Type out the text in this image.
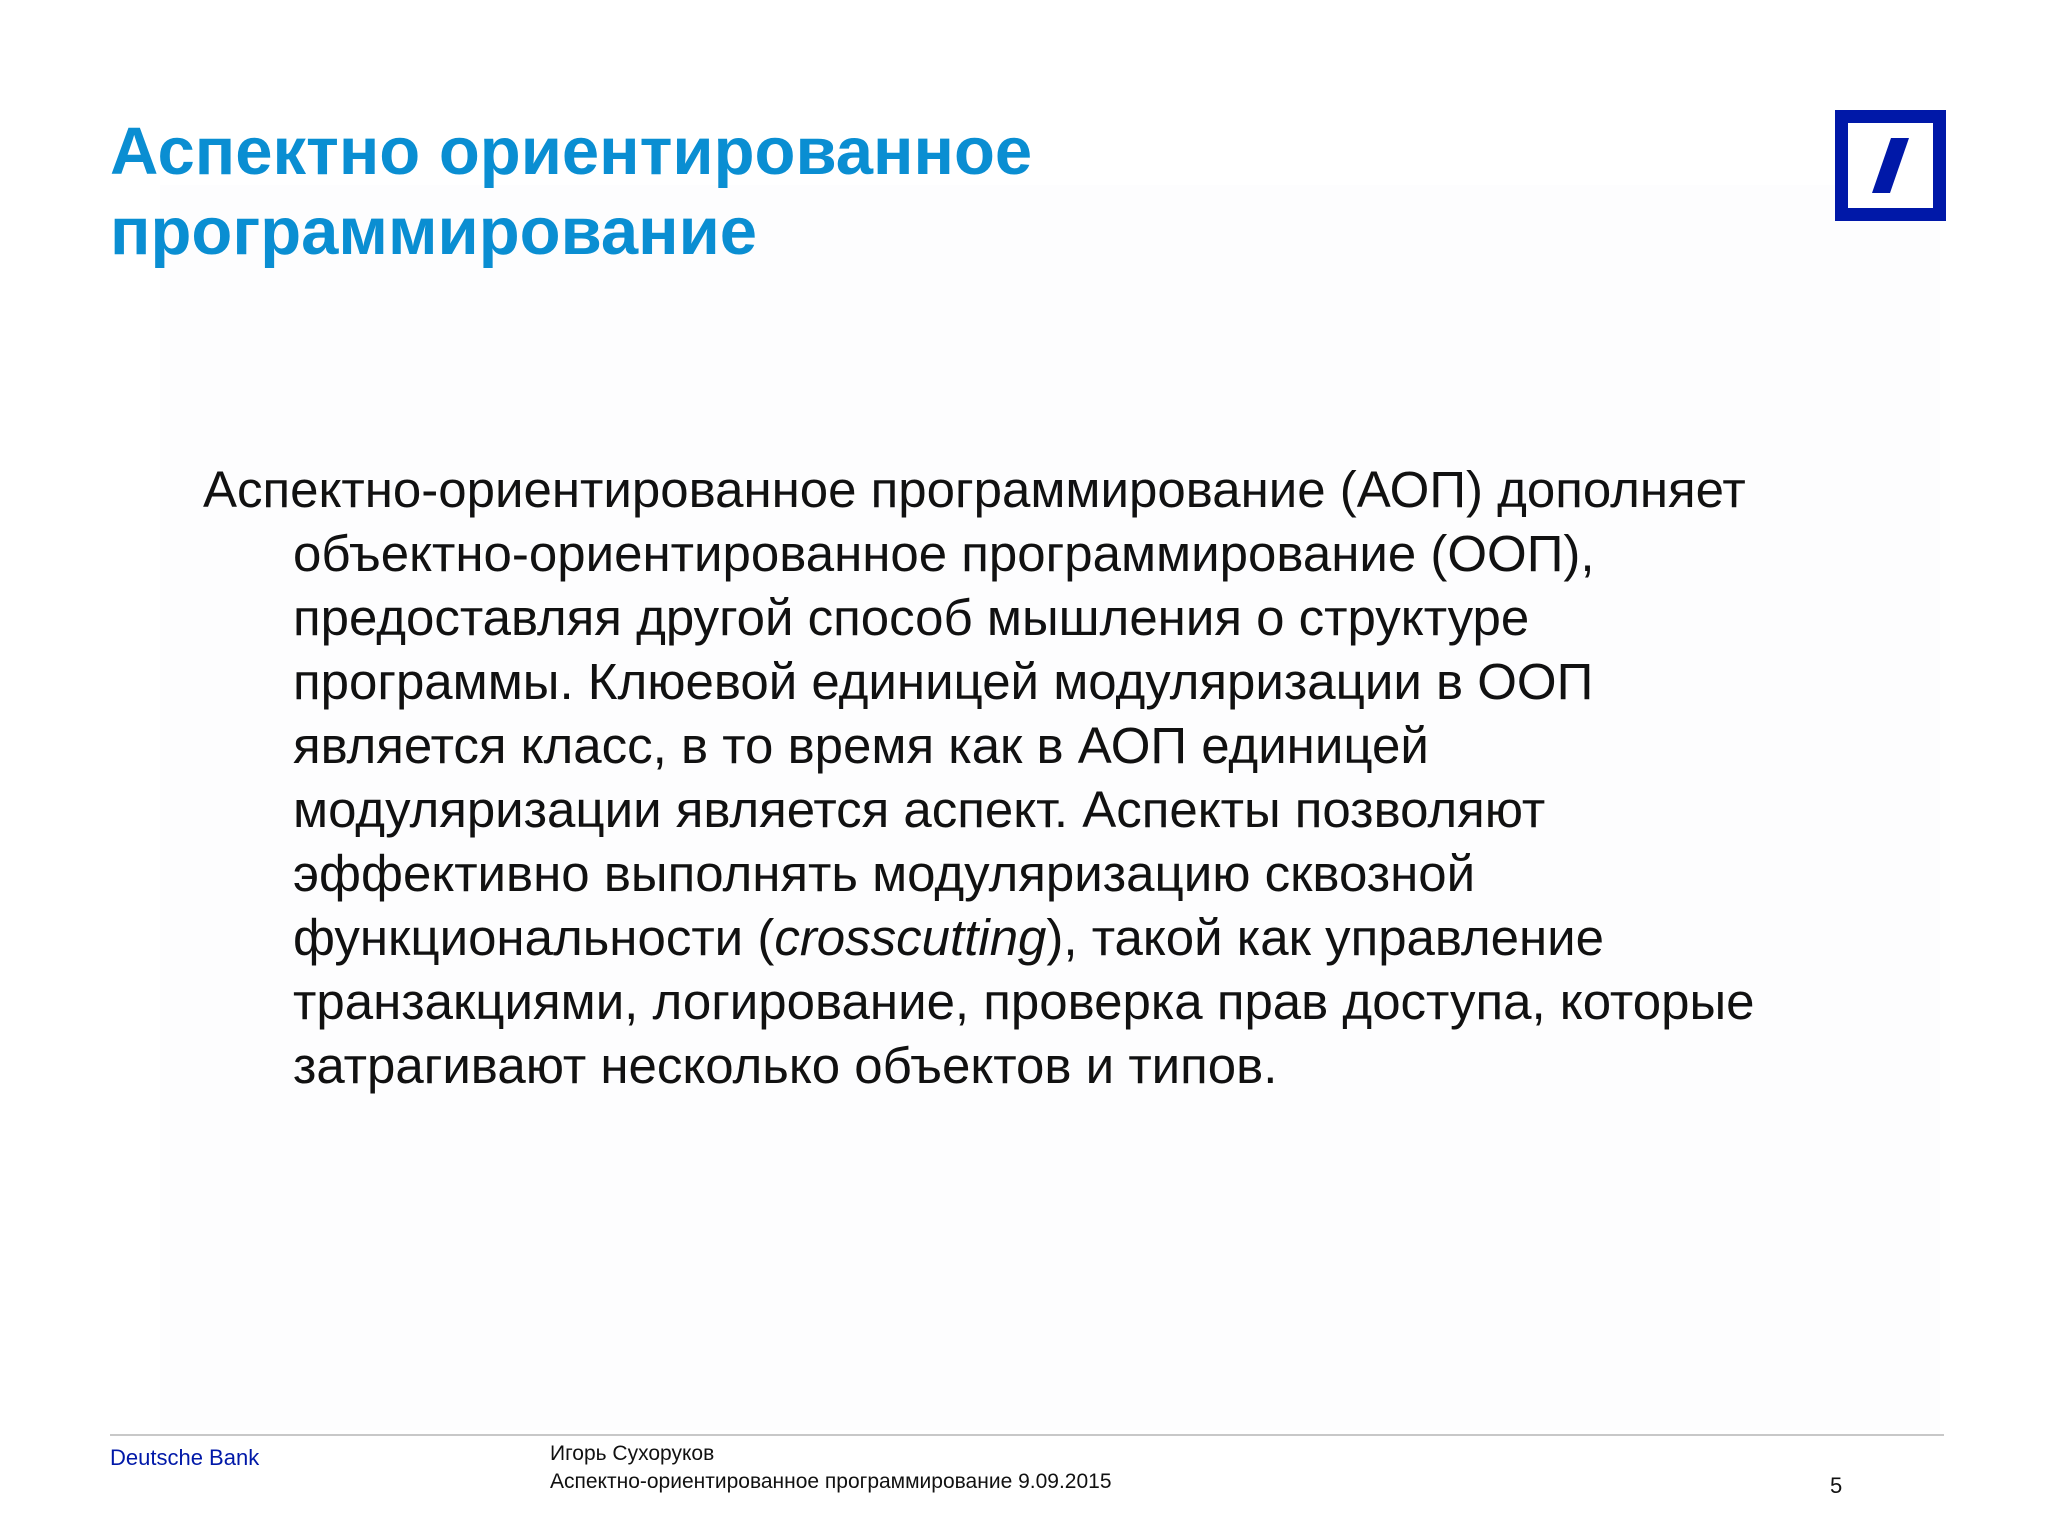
Аспектно ориентированное
программирование

Аспектно-ориентированное программирование (АОП) дополняет
объектно-ориентированное программирование (ООП),
предоставляя другой способ мышления о структуре
программы. Клюевой единицей модуляризации в ООП
является класс, в то время как в АОП единицей
модуляризации является аспект. Аспекты позволяют
эффективно выполнять модуляризацию сквозной
функциональности (crosscutting), такой как управление
транзакциями, логирование, проверка прав доступа, которые
затрагивают несколько объектов и типов.

Deutsche Bank	Игорь Сухоруков
Аспектно-ориентированное программирование 9.09.2015	5
